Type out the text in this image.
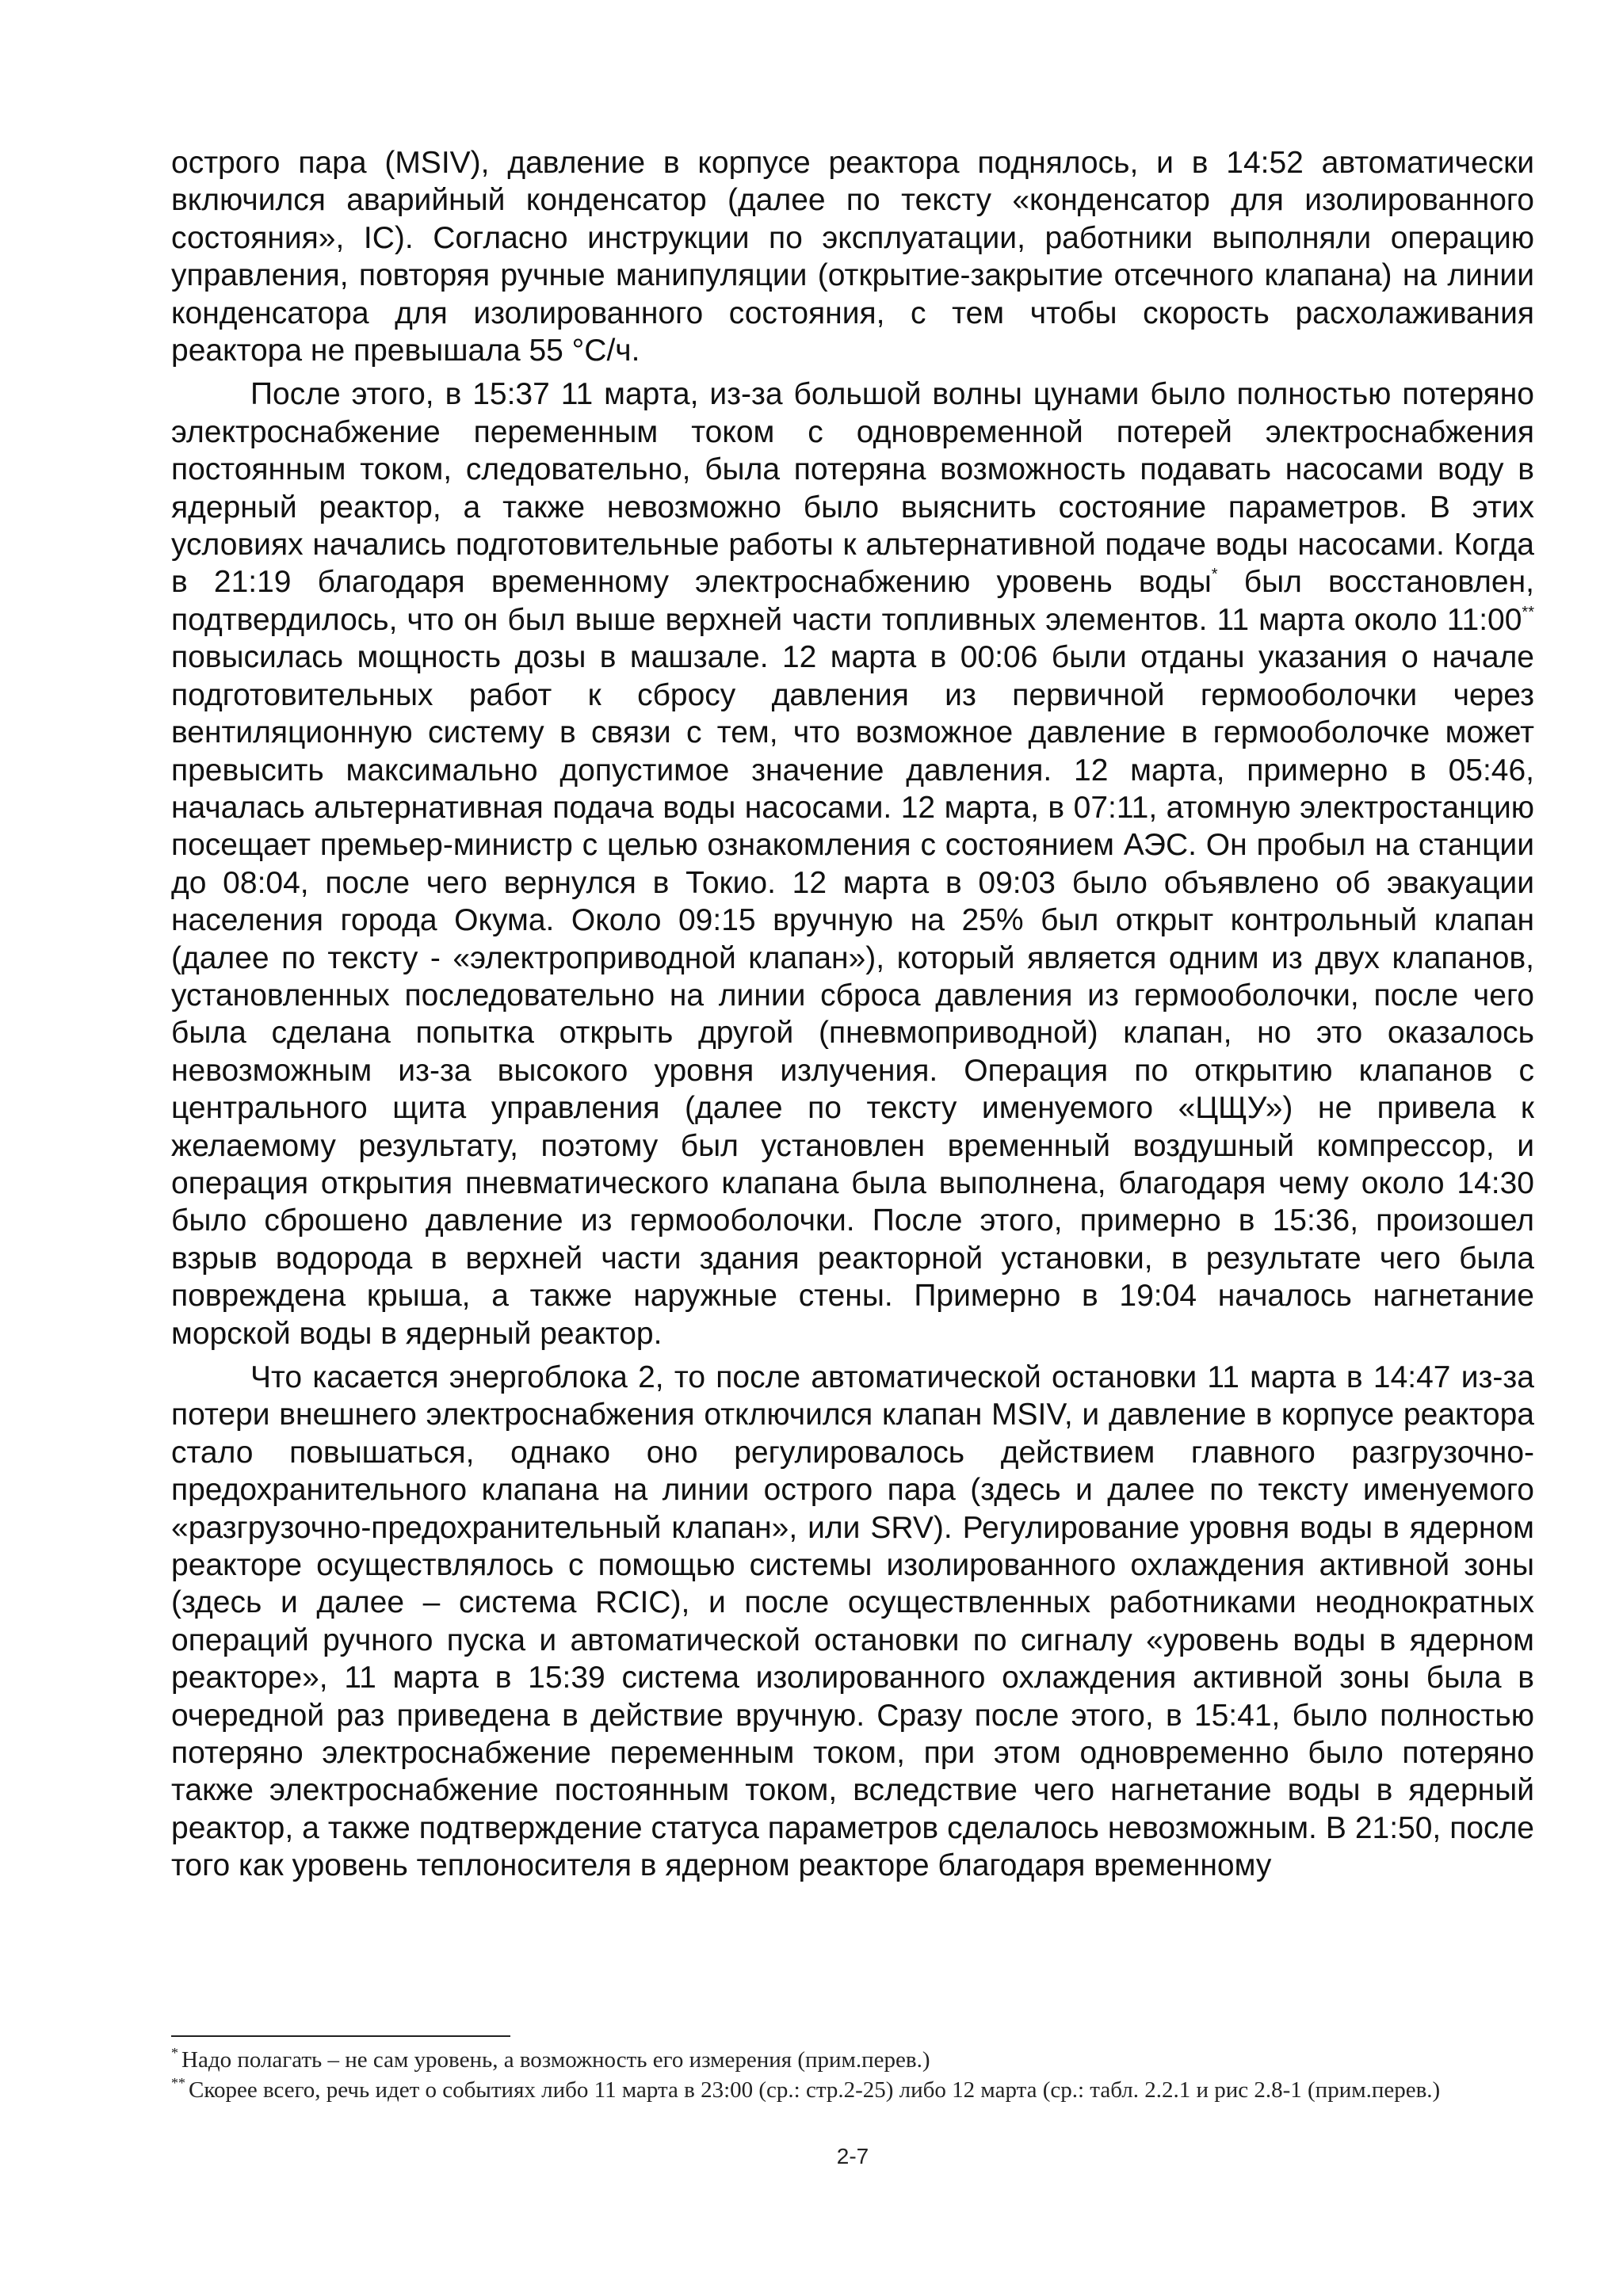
острого пара (MSIV), давление в корпусе реактора поднялось, и в 14:52 автоматически включился аварийный конденсатор (далее по тексту «конденсатор для изолированного состояния», IC). Согласно инструкции по эксплуатации, работники выполняли операцию управления, повторяя ручные манипуляции (открытие-закрытие отсечного клапана) на линии конденсатора для изолированного состояния, с тем чтобы скорость расхолаживания реактора не превышала 55 °С/ч.

После этого, в 15:37 11 марта, из-за большой волны цунами было полностью потеряно электроснабжение переменным током с одновременной потерей электроснабжения постоянным током, следовательно, была потеряна возможность подавать насосами воду в ядерный реактор, а также невозможно было выяснить состояние параметров. В этих условиях начались подготовительные работы к альтернативной подаче воды насосами. Когда в 21:19 благодаря временному электроснабжению уровень воды* был восстановлен, подтвердилось, что он был выше верхней части топливных элементов. 11 марта около 11:00** повысилась мощность дозы в машзале. 12 марта в 00:06 были отданы указания о начале подготовительных работ к сбросу давления из первичной гермооболочки через вентиляционную систему в связи с тем, что возможное давление в гермооболочке может превысить максимально допустимое значение давления. 12 марта, примерно в 05:46, началась альтернативная подача воды насосами. 12 марта, в 07:11, атомную электростанцию посещает премьер-министр с целью ознакомления с состоянием АЭС. Он пробыл на станции до 08:04, после чего вернулся в Токио. 12 марта в 09:03 было объявлено об эвакуации населения города Окума. Около 09:15 вручную на 25% был открыт контрольный клапан (далее по тексту - «электроприводной клапан»), который является одним из двух клапанов, установленных последовательно на линии сброса давления из гермооболочки, после чего была сделана попытка открыть другой (пневмоприводной) клапан, но это оказалось невозможным из-за высокого уровня излучения. Операция по открытию клапанов с центрального щита управления (далее по тексту именуемого «ЦЩУ») не привела к желаемому результату, поэтому был установлен временный воздушный компрессор, и операция открытия пневматического клапана была выполнена, благодаря чему около 14:30 было сброшено давление из гермооболочки. После этого, примерно в 15:36, произошел взрыв водорода в верхней части здания реакторной установки, в результате чего была повреждена крыша, а также наружные стены. Примерно в 19:04 началось нагнетание морской воды в ядерный реактор.

Что касается энергоблока 2, то после автоматической остановки 11 марта в 14:47 из-за потери внешнего электроснабжения отключился клапан MSIV, и давление в корпусе реактора стало повышаться, однако оно регулировалось действием главного разгрузочно-предохранительного клапана на линии острого пара (здесь и далее по тексту именуемого «разгрузочно-предохранительный клапан», или SRV). Регулирование уровня воды в ядерном реакторе осуществлялось с помощью системы изолированного охлаждения активной зоны (здесь и далее – система RCIC), и после осуществленных работниками неоднократных операций ручного пуска и автоматической остановки по сигналу «уровень воды в ядерном реакторе», 11 марта в 15:39 система изолированного охлаждения активной зоны была в очередной раз приведена в действие вручную. Сразу после этого, в 15:41, было полностью потеряно электроснабжение переменным током, при этом одновременно было потеряно также электроснабжение постоянным током, вследствие чего нагнетание воды в ядерный реактор, а также подтверждение статуса параметров сделалось невозможным. В 21:50, после того как уровень теплоносителя в ядерном реакторе благодаря временному

* Надо полагать – не сам уровень, а возможность его измерения (прим.перев.)

** Скорее всего, речь идет о событиях либо 11 марта в 23:00 (ср.: стр.2-25) либо 12 марта (ср.: табл. 2.2.1 и рис 2.8-1 (прим.перев.)

2-7
